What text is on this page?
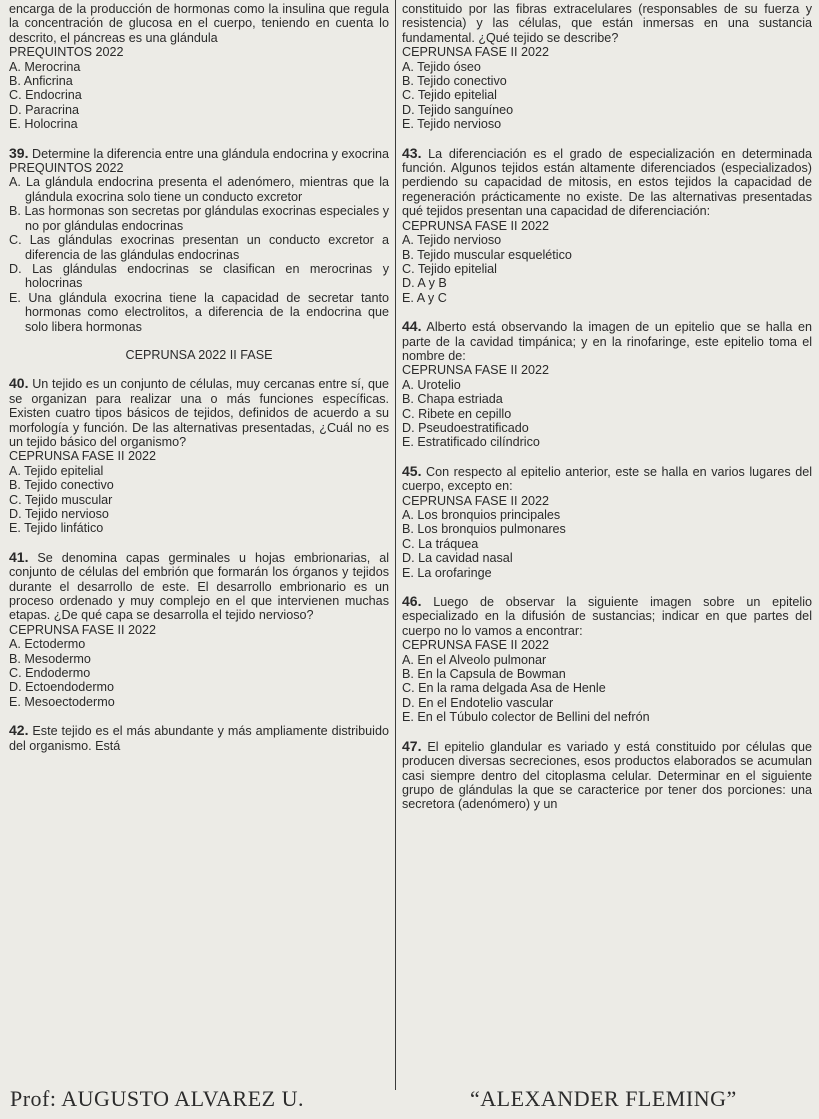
encarga de la producción de hormonas como la insulina que regula la concentración de glucosa en el cuerpo, teniendo en cuenta lo descrito, el páncreas es una glándula

PREQUINTOS 2022

A. Merocrina

B. Anficrina

C. Endocrina

D. Paracrina

E. Holocrina

39. Determine la diferencia entre una glándula endocrina y exocrina

PREQUINTOS 2022

A. La glándula endocrina presenta el adenómero, mientras que la glándula exocrina solo tiene un conducto excretor

B. Las hormonas son secretas por glándulas exocrinas especiales y no por glándulas endocrinas

C. Las glándulas exocrinas presentan un conducto excretor a diferencia de las glándulas endocrinas

D. Las glándulas endocrinas se clasifican en merocrinas y holocrinas

E. Una glándula exocrina tiene la capacidad de secretar tanto hormonas como electrolitos, a diferencia de la endocrina que solo libera hormonas

CEPRUNSA 2022 II FASE

40. Un tejido es un conjunto de células, muy cercanas entre sí, que se organizan para realizar una o más funciones específicas. Existen cuatro tipos básicos de tejidos, definidos de acuerdo a su morfología y función. De las alternativas presentadas, ¿Cuál no es un tejido básico del organismo?

CEPRUNSA FASE II 2022

A. Tejido epitelial

B. Tejido conectivo

C. Tejido muscular

D. Tejido nervioso

E. Tejido linfático

41. Se denomina capas germinales u hojas embrionarias, al conjunto de células del embrión que formarán los órganos y tejidos durante el desarrollo de este. El desarrollo embrionario es un proceso ordenado y muy complejo en el que intervienen muchas etapas. ¿De qué capa se desarrolla el tejido nervioso?

CEPRUNSA FASE II 2022

A. Ectodermo

B. Mesodermo

C. Endodermo

D. Ectoendodermo

E. Mesoectodermo

42. Este tejido es el más abundante y más ampliamente distribuido del organismo. Está

constituido por las fibras extracelulares (responsables de su fuerza y resistencia) y las células, que están inmersas en una sustancia fundamental. ¿Qué tejido se describe?

CEPRUNSA FASE II 2022

A. Tejido óseo

B. Tejido conectivo

C. Tejido epitelial

D. Tejido sanguíneo

E. Tejido nervioso

43. La diferenciación es el grado de especialización en determinada función. Algunos tejidos están altamente diferenciados (especializados) perdiendo su capacidad de mitosis, en estos tejidos la capacidad de regeneración prácticamente no existe. De las alternativas presentadas qué tejidos presentan una capacidad de diferenciación:

CEPRUNSA FASE II 2022

A. Tejido nervioso

B. Tejido muscular esquelético

C. Tejido epitelial

D. A y B

E. A y C

44. Alberto está observando la imagen de un epitelio que se halla en parte de la cavidad timpánica; y en la rinofaringe, este epitelio toma el nombre de:

CEPRUNSA FASE II 2022

A. Urotelio

B. Chapa estriada

C. Ribete en cepillo

D. Pseudoestratificado

E. Estratificado cilíndrico

45. Con respecto al epitelio anterior, este se halla en varios lugares del cuerpo, excepto en:

CEPRUNSA FASE II 2022

A. Los bronquios principales

B. Los bronquios pulmonares

C. La tráquea

D. La cavidad nasal

E. La orofaringe

46. Luego de observar la siguiente imagen sobre un epitelio especializado en la difusión de sustancias; indicar en que partes del cuerpo no lo vamos a encontrar:

CEPRUNSA FASE II 2022

A. En el Alveolo pulmonar

B. En la Capsula de Bowman

C. En la rama delgada Asa de Henle

D. En el Endotelio vascular

E. En el Túbulo colector de Bellini del nefrón

47. El epitelio glandular es variado y está constituido por células que producen diversas secreciones, esos productos elaborados se acumulan casi siempre dentro del citoplasma celular. Determinar en el siguiente grupo de glándulas la que se caracterice por tener dos porciones: una secretora (adenómero) y un

Prof: AUGUSTO ALVAREZ U.	“ALEXANDER FLEMING”
